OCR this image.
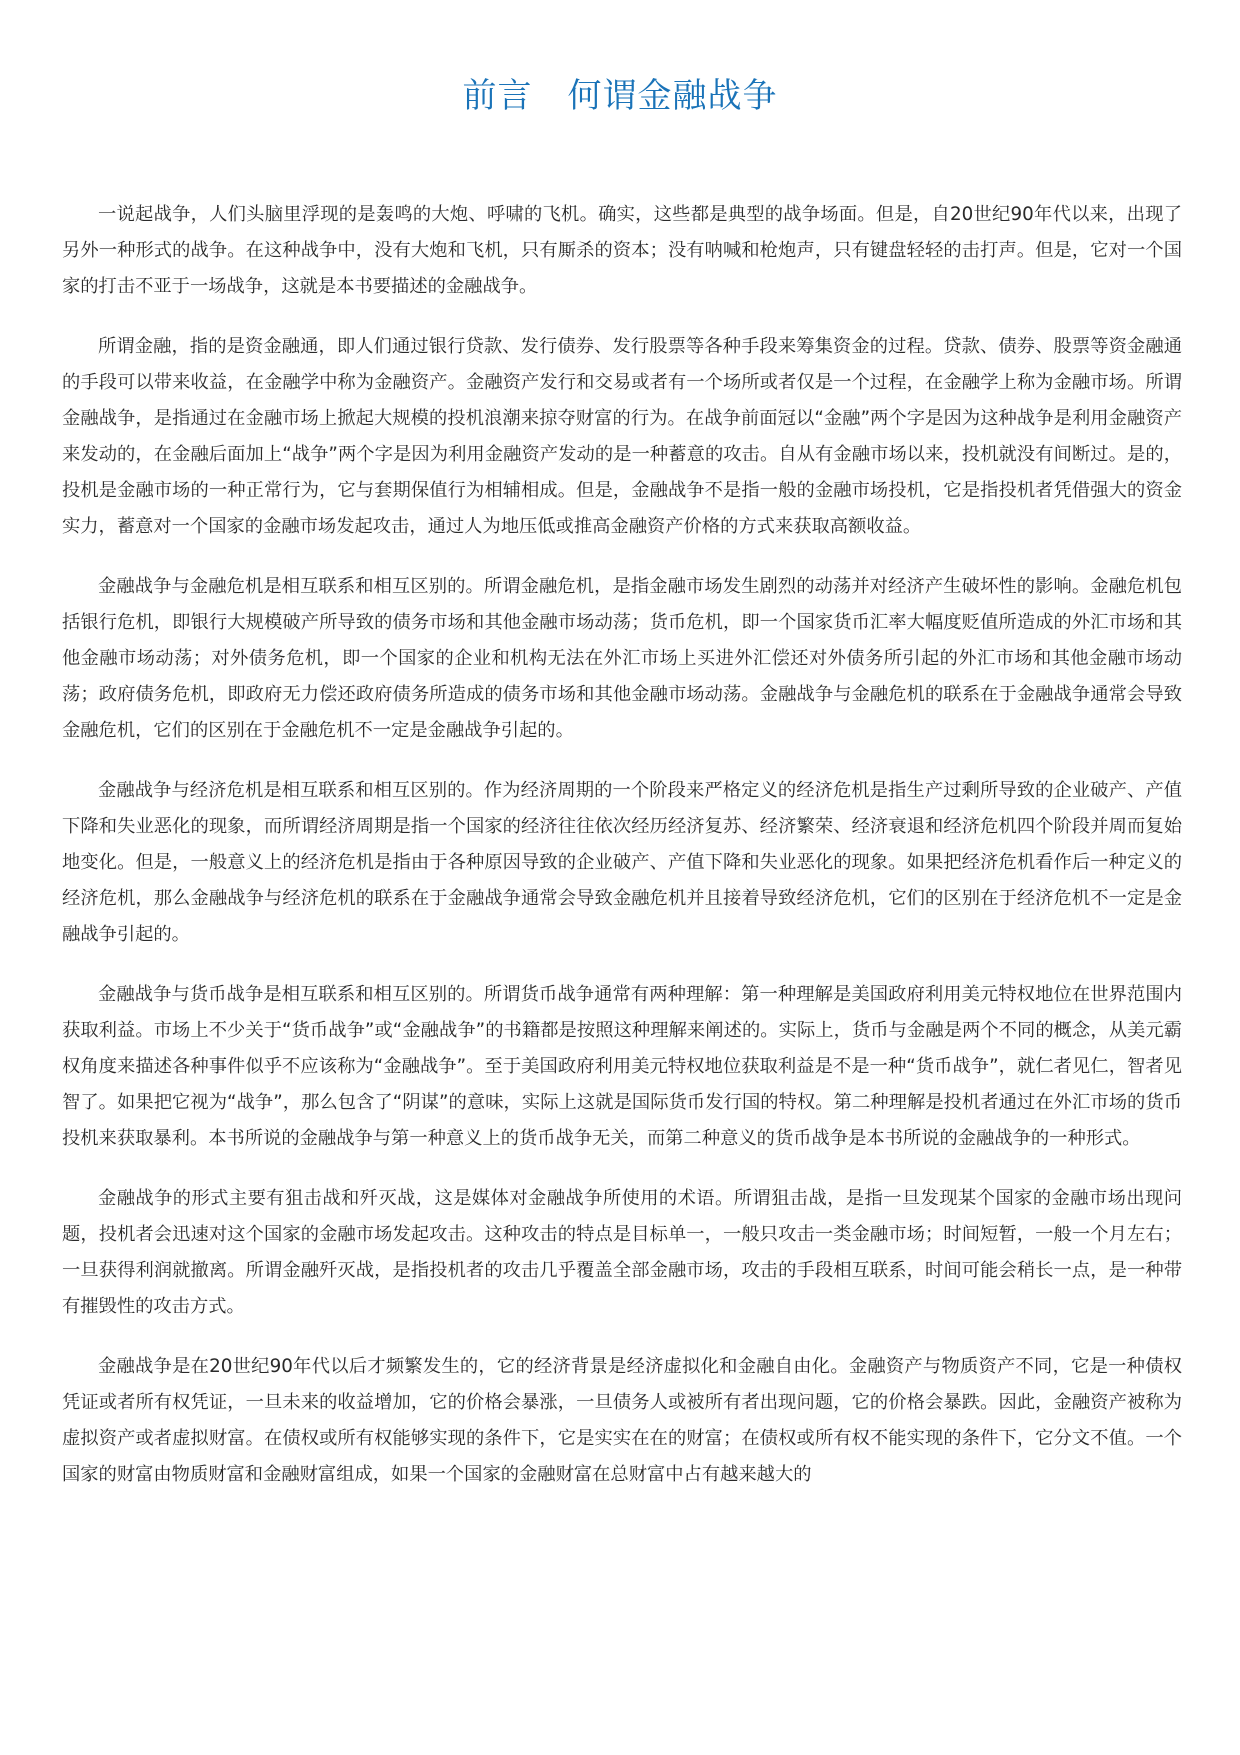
前言　何谓金融战争

一说起战争，人们头脑里浮现的是轰鸣的大炮、呼啸的飞机。确实，这些都是典型的战争场面。但是，自20世纪90年代以来，出现了另外一种形式的战争。在这种战争中，没有大炮和飞机，只有厮杀的资本；没有呐喊和枪炮声，只有键盘轻轻的击打声。但是，它对一个国家的打击不亚于一场战争，这就是本书要描述的金融战争。

所谓金融，指的是资金融通，即人们通过银行贷款、发行债券、发行股票等各种手段来筹集资金的过程。贷款、债券、股票等资金融通的手段可以带来收益，在金融学中称为金融资产。金融资产发行和交易或者有一个场所或者仅是一个过程，在金融学上称为金融市场。所谓金融战争，是指通过在金融市场上掀起大规模的投机浪潮来掠夺财富的行为。在战争前面冠以“金融”两个字是因为这种战争是利用金融资产来发动的，在金融后面加上“战争”两个字是因为利用金融资产发动的是一种蓄意的攻击。自从有金融市场以来，投机就没有间断过。是的，投机是金融市场的一种正常行为，它与套期保值行为相辅相成。但是，金融战争不是指一般的金融市场投机，它是指投机者凭借强大的资金实力，蓄意对一个国家的金融市场发起攻击，通过人为地压低或推高金融资产价格的方式来获取高额收益。

金融战争与金融危机是相互联系和相互区别的。所谓金融危机，是指金融市场发生剧烈的动荡并对经济产生破坏性的影响。金融危机包括银行危机，即银行大规模破产所导致的债务市场和其他金融市场动荡；货币危机，即一个国家货币汇率大幅度贬值所造成的外汇市场和其他金融市场动荡；对外债务危机，即一个国家的企业和机构无法在外汇市场上买进外汇偿还对外债务所引起的外汇市场和其他金融市场动荡；政府债务危机，即政府无力偿还政府债务所造成的债务市场和其他金融市场动荡。金融战争与金融危机的联系在于金融战争通常会导致金融危机，它们的区别在于金融危机不一定是金融战争引起的。

金融战争与经济危机是相互联系和相互区别的。作为经济周期的一个阶段来严格定义的经济危机是指生产过剩所导致的企业破产、产值下降和失业恶化的现象，而所谓经济周期是指一个国家的经济往往依次经历经济复苏、经济繁荣、经济衰退和经济危机四个阶段并周而复始地变化。但是，一般意义上的经济危机是指由于各种原因导致的企业破产、产值下降和失业恶化的现象。如果把经济危机看作后一种定义的经济危机，那么金融战争与经济危机的联系在于金融战争通常会导致金融危机并且接着导致经济危机，它们的区别在于经济危机不一定是金融战争引起的。

金融战争与货币战争是相互联系和相互区别的。所谓货币战争通常有两种理解：第一种理解是美国政府利用美元特权地位在世界范围内获取利益。市场上不少关于“货币战争”或“金融战争”的书籍都是按照这种理解来阐述的。实际上，货币与金融是两个不同的概念，从美元霸权角度来描述各种事件似乎不应该称为“金融战争”。至于美国政府利用美元特权地位获取利益是不是一种“货币战争”，就仁者见仁，智者见智了。如果把它视为“战争”，那么包含了“阴谋”的意味，实际上这就是国际货币发行国的特权。第二种理解是投机者通过在外汇市场的货币投机来获取暴利。本书所说的金融战争与第一种意义上的货币战争无关，而第二种意义的货币战争是本书所说的金融战争的一种形式。

金融战争的形式主要有狙击战和歼灭战，这是媒体对金融战争所使用的术语。所谓狙击战，是指一旦发现某个国家的金融市场出现问题，投机者会迅速对这个国家的金融市场发起攻击。这种攻击的特点是目标单一，一般只攻击一类金融市场；时间短暂，一般一个月左右；一旦获得利润就撤离。所谓金融歼灭战，是指投机者的攻击几乎覆盖全部金融市场，攻击的手段相互联系，时间可能会稍长一点，是一种带有摧毁性的攻击方式。

金融战争是在20世纪90年代以后才频繁发生的，它的经济背景是经济虚拟化和金融自由化。金融资产与物质资产不同，它是一种债权凭证或者所有权凭证，一旦未来的收益增加，它的价格会暴涨，一旦债务人或被所有者出现问题，它的价格会暴跌。因此，金融资产被称为虚拟资产或者虚拟财富。在债权或所有权能够实现的条件下，它是实实在在的财富；在债权或所有权不能实现的条件下，它分文不值。一个国家的财富由物质财富和金融财富组成，如果一个国家的金融财富在总财富中占有越来越大的
